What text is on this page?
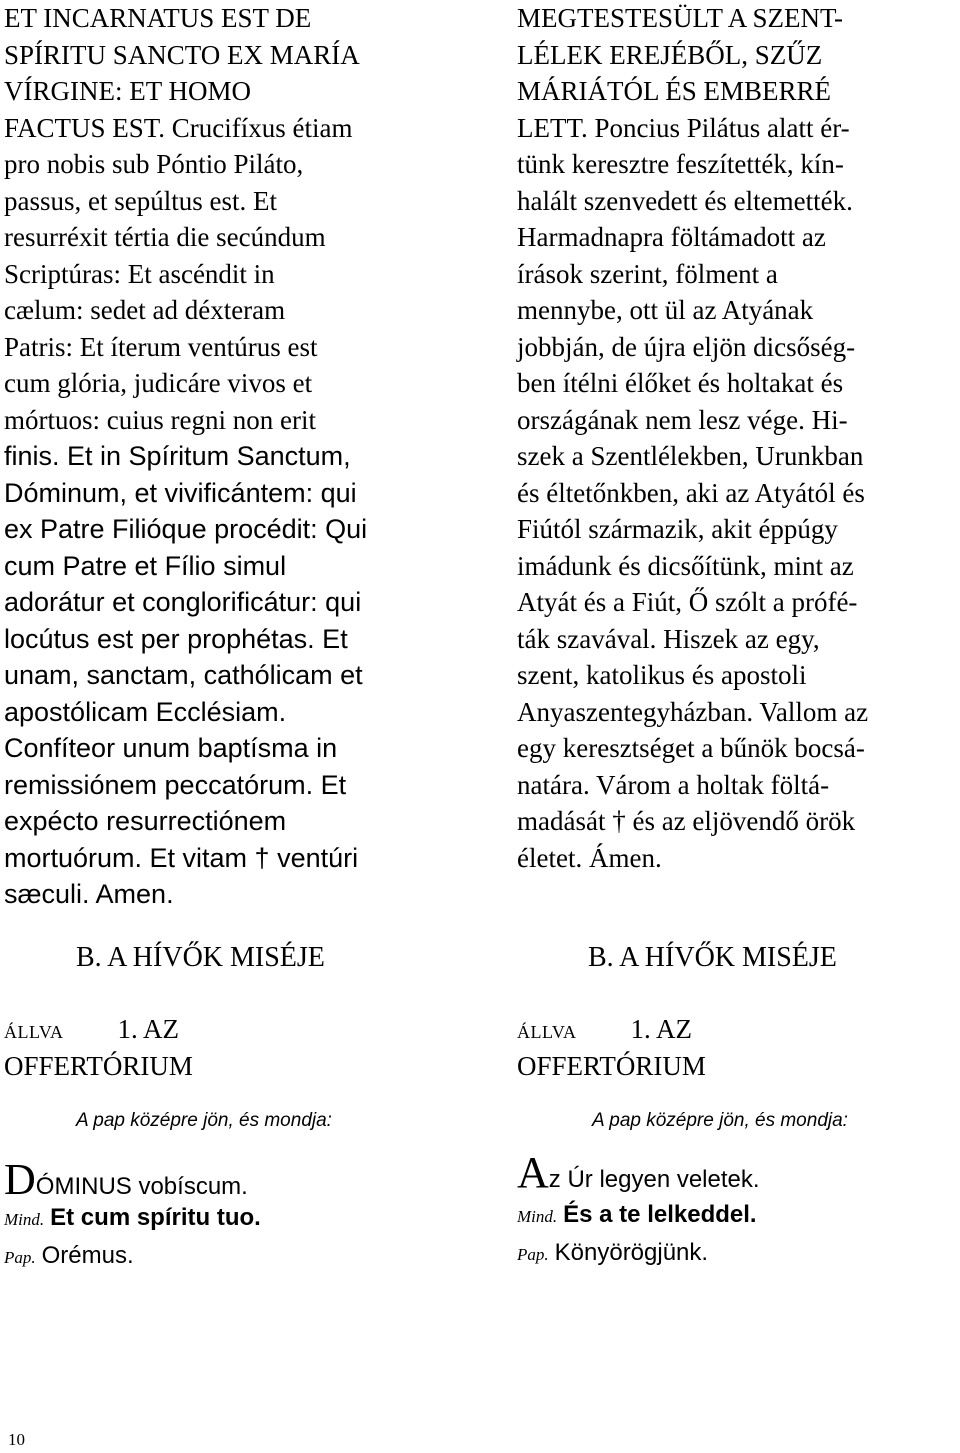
ET INCARNATUS EST DE
SPÍRITU SANCTO EX MARÍA
VÍRGINE: ET HOMO
FACTUS EST. Crucifíxus étiam
pro nobis sub Póntio Piláto,
passus, et sepúltus est. Et
resurréxit tértia die secúndum
Scriptúras: Et ascéndit in
cælum: sedet ad déxteram
Patris: Et íterum ventúrus est
cum glória, judicáre vivos et
mórtuos: cuius regni non erit
finis. Et in Spíritum Sanctum,
Dóminum, et vivificántem: qui
ex Patre Filióque procédit: Qui
cum Patre et Fílio simul
adorátur et conglorificátur: qui
locútus est per prophétas. Et
unam, sanctam, cathólicam et
apostólicam Ecclésiam.
Confíteor unum baptísma in
remissiónem peccatórum. Et
expécto resurrectiónem
mortuórum. Et vitam † ventúri
sæculi. Amen.
MEGTESTESÜLT A SZENT-
LÉLEK EREJÉBŐL, SZŰZ
MÁRIÁTÓL ÉS EMBERRÉ
LETT. Poncius Pilátus alatt ér-
tünk keresztre feszítették, kín-
halált szenvedett és eltemették.
Harmadnapra föltámadott az
írások szerint, fölment a
mennybe, ott ül az Atyának
jobbján, de újra eljön dicsőség-
ben ítélni élőket és holtakat és
országának nem lesz vége. Hi-
szek a Szentlélekben, Urunkban
és éltetőnkben, aki az Atyától és
Fiútól származik, akit éppúgy
imádunk és dicsőítünk, mint az
Atyát és a Fiút, Ő szólt a prófé-
ták szavával. Hiszek az egy,
szent, katolikus és apostoli
Anyaszentegyházban. Vallom az
egy keresztséget a bűnök bocsá-
natára. Várom a holtak föltá-
madását † és az eljövendő örök
életet. Ámen.
B. A HÍVŐK MISÉJE	B. A HÍVŐK MISÉJE
ÁLLVA 1. AZ
OFFERTÓRIUM
ÁLLVA 1. AZ
OFFERTÓRIUM
A pap középre jön, és mondja:	A pap középre jön, és mondja:
DÓMINUS vobíscum.
Mind. Et cum spíritu tuo.
Pap. Orémus.
Az Úr legyen veletek.
Mind. És a te lelkeddel.
Pap. Könyörögjünk.
10
